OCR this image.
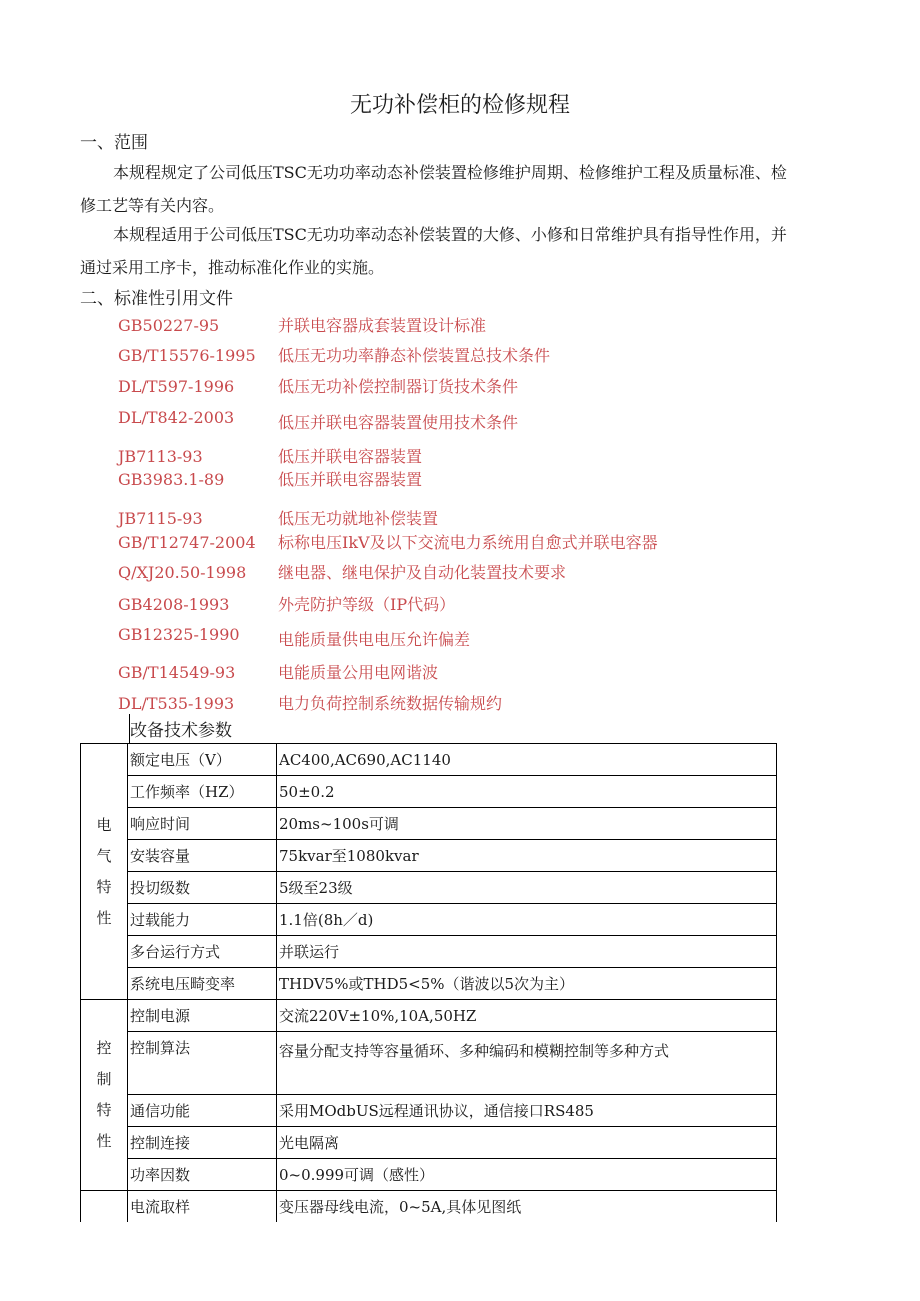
无功补偿柜的检修规程
一、范围
本规程规定了公司低压TSC无功功率动态补偿装置检修维护周期、检修维护工程及质量标准、检修工艺等有关内容。
本规程适用于公司低压TSC无功功率动态补偿装置的大修、小修和日常维护具有指导性作用，并通过采用工序卡，推动标准化作业的实施。
二、标准性引用文件
GB50227-95	并联电容器成套装置设计标准
GB/T15576-1995 低压无功功率静态补偿装置总技术条件
DL/T597-1996	低压无功补偿控制器订货技术条件
DL/T842-2003	低压并联电容器装置使用技术条件
JB7113-93	低压并联电容器装置
GB3983.1-89	低压并联电容器装置
JB7115-93	低压无功就地补偿装置
GB/T12747-2004 标称电压IkV及以下交流电力系统用自愈式并联电容器
Q/XJ20.50-1998 继电器、继电保护及自动化装置技术要求
GB4208-1993	外壳防护等级（IP代码）
GB12325-1990 电能质量供电电压允许偏差
GB/T14549-93	电能质量公用电网谐波
DL/T535-1993	电力负荷控制系统数据传输规约
改备技术参数
电
气
特
性	额定电压（V）	AC400,AC690,AC1140
	工作频率（HZ）	50±0.2
	响应时间	20ms~100s可调
	安装容量	75kvar至1080kvar
	投切级数	5级至23级
	过载能力	1.1倍(8h／d)
	多台运行方式	并联运行
	系统电压畸变率	THDV5%或THD5<5%（谐波以5次为主）
控
制
特
性	控制电源	交流220V±10%,10A,50HZ
	控制算法	容量分配支持等容量循环、多种编码和模糊控制等多种方式
	通信功能	采用MOdbUS远程通讯协议，通信接口RS485
	控制连接	光电隔离
	功率因数	0~0.999可调（感性）
	电流取样	变压器母线电流，0~5A,具体见图纸
